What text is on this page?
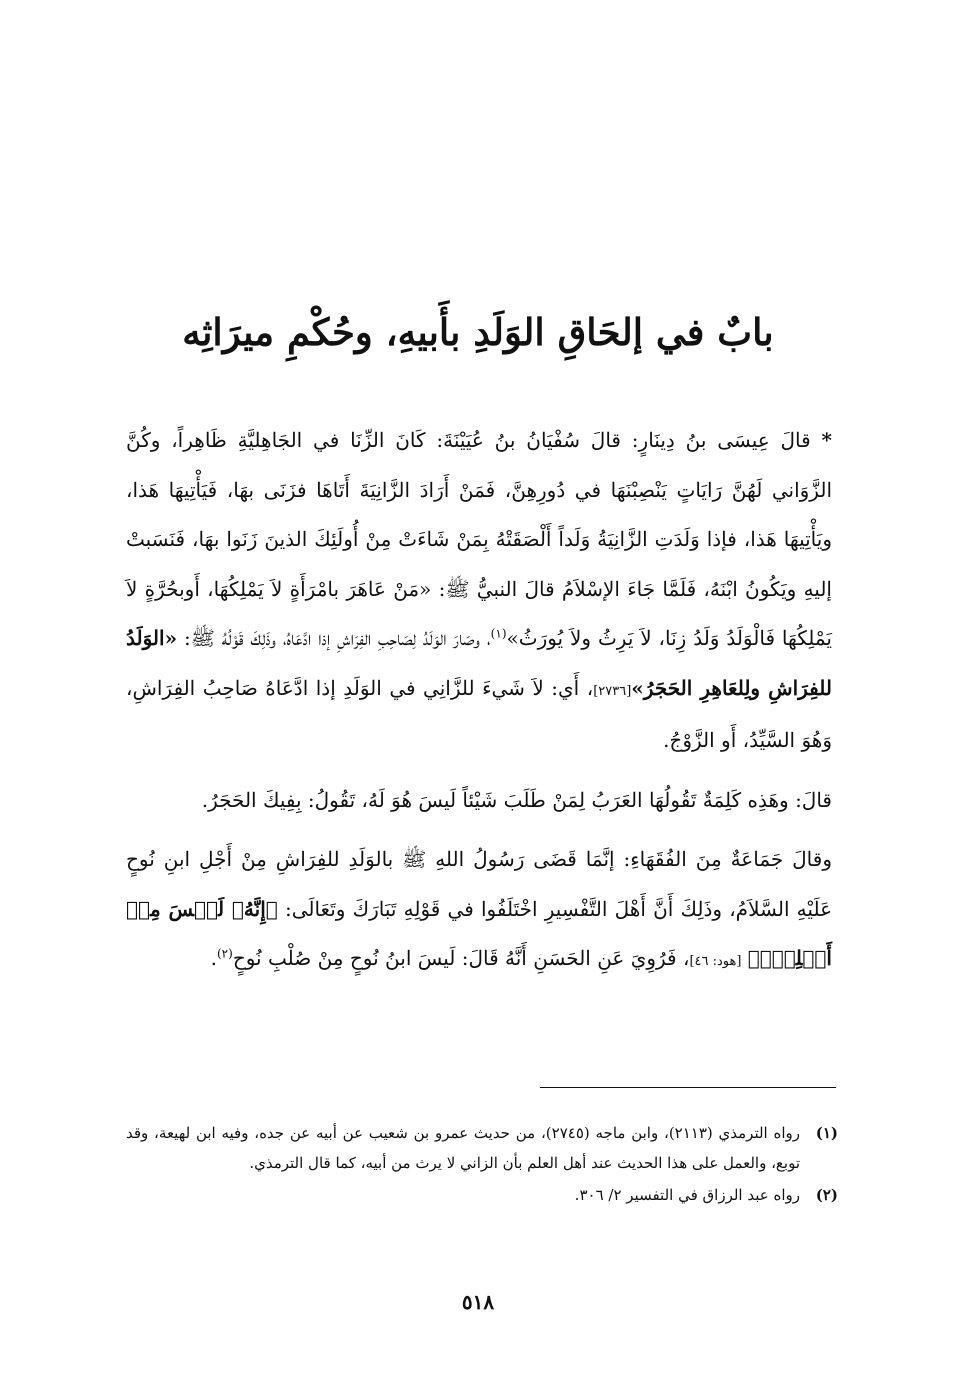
بابٌ في إلحَاقِ الوَلَدِ بأَبيهِ، وحُكْمِ ميرَاثِه

* قالَ عِيسَى بنُ دِينَارٍ: قالَ سُفْيَانُ بنُ عُيَيْنَةَ: كَانَ الزِّنَا في الجَاهِليَّةِ ظَاهِراً، وكُنَّ الزَّوَاني لَهُنَّ رَايَاتٍ يَنْصِبْنَهَا في دُورِهِنَّ، فَمَنْ أَرَادَ الزَّانِيَةَ أَتَاهَا فزَنَى بهَا، فَيَأْتِيهَا هَذا، ويَأْتِيهَا هَذا، فإذا وَلَدَتِ الزَّانِيَةُ وَلَداً أَلْصَقَتْهُ بِمَنْ شَاءَتْ مِنْ أُولَئِكَ الذينَ زَنَوا بهَا، فَنَسَبتْ إليهِ ويَكُونُ ابْنَهُ، فَلَمَّا جَاءَ الإسْلاَمُ قالَ النبيُّ ﷺ: «مَنْ عَاهَرَ بامْرَأَةٍ لاَ يَمْلِكُهَا، أَوبحُرَّةٍ لاَ يَمْلِكُهَا فَالْوَلَدُ وَلَدُ زِنَا، لاَ يَرِثُ ولاَ يُورَثُ»$^{(١)}$، وصَارَ الوَلَدُ لِصَاحِبِ الفِرَاشِ إذا ادَّعَاهُ، وذَلِكَ قَوْلُهُ ﷺ: «الوَلَدُ للفِرَاشِ ولِلعَاهِرِ الحَجَرُ»[٢٧٣٦]، أَي: لاَ شَيءَ للزَّانِي في الوَلَدِ إذا ادَّعَاهُ صَاحِبُ الفِرَاشِ، وَهُوَ السَّيِّدُ، أَو الزَّوْجُ.

قالَ: وهَذِه كَلِمَةٌ تَقُولُهَا العَرَبُ لِمَنْ طَلَبَ شَيْئاً لَيسَ هُوَ لَهُ، تَقُولُ: بِفِيكَ الحَجَرُ.

وقالَ جَمَاعَةٌ مِنَ الفُقَهَاءِ: إنَّمَا قَضَى رَسُولُ اللهِ ﷺ بالوَلَدِ للفِرَاشِ مِنْ أَجْلِ ابنِ نُوحٍ عَلَيْهِ السَّلاَمُ، وذَلِكَ أَنَّ أَهْلَ التَّفْسِيرِ اخْتَلَفُوا في قَوْلِهِ تَبَارَكَ وتَعَالَى: ﴿إِنَّهُۥ لَيۡسَ مِنۡ أَهۡلِكَۖ﴾ [هود: ٤٦]، فَرُوِيَ عَنِ الحَسَنِ أَنَّهُ قَالَ: لَيسَ ابنُ نُوحٍ مِنْ صُلْبِ نُوحٍ$^{(٢)}$.

(١)
رواه الترمذي (٢١١٣)، وابن ماجه (٢٧٤٥)، من حديث عمرو بن شعيب عن أبيه عن جده، وفيه ابن لهيعة، وقد توبع، والعمل على هذا الحديث عند أهل العلم بأن الزاني لا يرث من أبيه، كما قال الترمذي.
(٢)
رواه عبد الرزاق في التفسير ٢/ ٣٠٦.
٥١٨
